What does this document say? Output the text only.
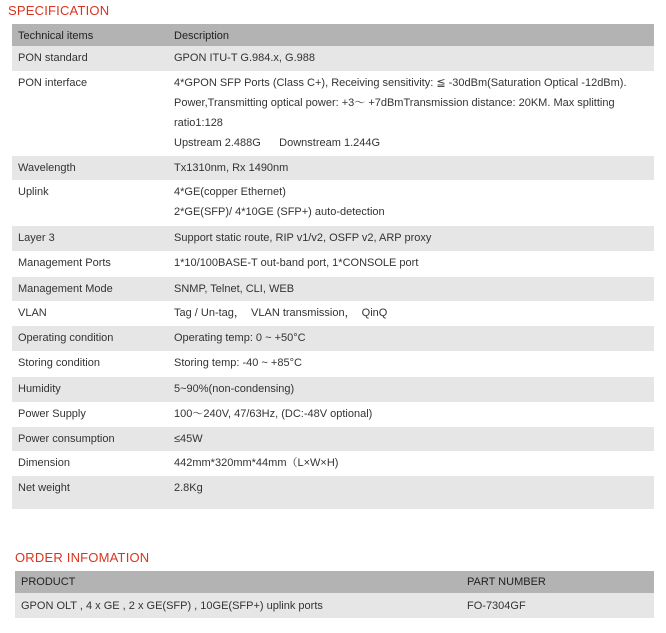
SPECIFICATION
Technical items	Description
PON standard	GPON ITU-T G.984.x, G.988
PON interface	4*GPON SFP Ports (Class C+), Receiving sensitivity: ≦ -30dBm(Saturation Optical -12dBm).
Power,Transmitting optical power: +3～ +7dBmTransmission distance: 20KM. Max splitting
ratio1:128
Upstream 2.488G      Downstream 1.244G

Wavelength	Tx1310nm, Rx 1490nm
Uplink	4*GE(copper Ethernet)
2*GE(SFP)/ 4*10GE (SFP+) auto-detection

Layer 3	Support static route, RIP v1/v2, OSFP v2, ARP proxy
Management Ports	1*10/100BASE-T out-band port, 1*CONSOLE port
Management Mode	SNMP, Telnet, CLI, WEB
VLAN	Tag / Un-tag，  VLAN transmission，  QinQ
Operating condition	Operating temp: 0 ~ +50°C
Storing condition	Storing temp: -40 ~ +85°C
Humidity	5~90%(non-condensing)
Power Supply	100～240V, 47/63Hz, (DC:-48V optional)
Power consumption	≤45W
Dimension	442mm*320mm*44mm（L×W×H)
Net weight	2.8Kg

ORDER INFOMATION
PRODUCT	PART NUMBER
GPON OLT , 4 x GE , 2 x GE(SFP) , 10GE(SFP+) uplink ports	FO-7304GF
